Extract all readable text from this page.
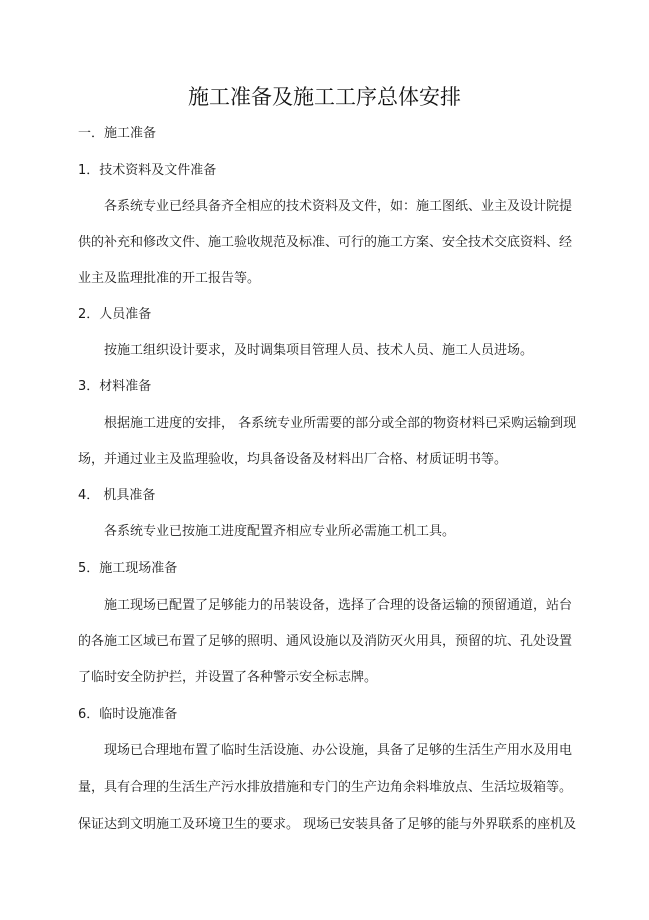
施工准备及施工工序总体安排
一．施工准备
1．技术资料及文件准备
各系统专业已经具备齐全相应的技术资料及文件，如：施工图纸、业主及设计院提
供的补充和修改文件、施工验收规范及标准、可行的施工方案、安全技术交底资料、经
业主及监理批准的开工报告等。
2．人员准备
按施工组织设计要求，及时调集项目管理人员、技术人员、施工人员进场。
3．材料准备
根据施工进度的安排， 各系统专业所需要的部分或全部的物资材料已采购运输到现
场，并通过业主及监理验收，均具备设备及材料出厂合格、材质证明书等。
4． 机具准备
各系统专业已按施工进度配置齐相应专业所必需施工机工具。
5．施工现场准备
施工现场已配置了足够能力的吊装设备，选择了合理的设备运输的预留通道，站台
的各施工区域已布置了足够的照明、通风设施以及消防灭火用具，预留的坑、孔处设置
了临时安全防护拦，并设置了各种警示安全标志牌。
6．临时设施准备
现场已合理地布置了临时生活设施、办公设施，具备了足够的生活生产用水及用电
量，具有合理的生活生产污水排放措施和专门的生产边角余料堆放点、生活垃圾箱等。
保证达到文明施工及环境卫生的要求。 现场已安装具备了足够的能与外界联系的座机及
